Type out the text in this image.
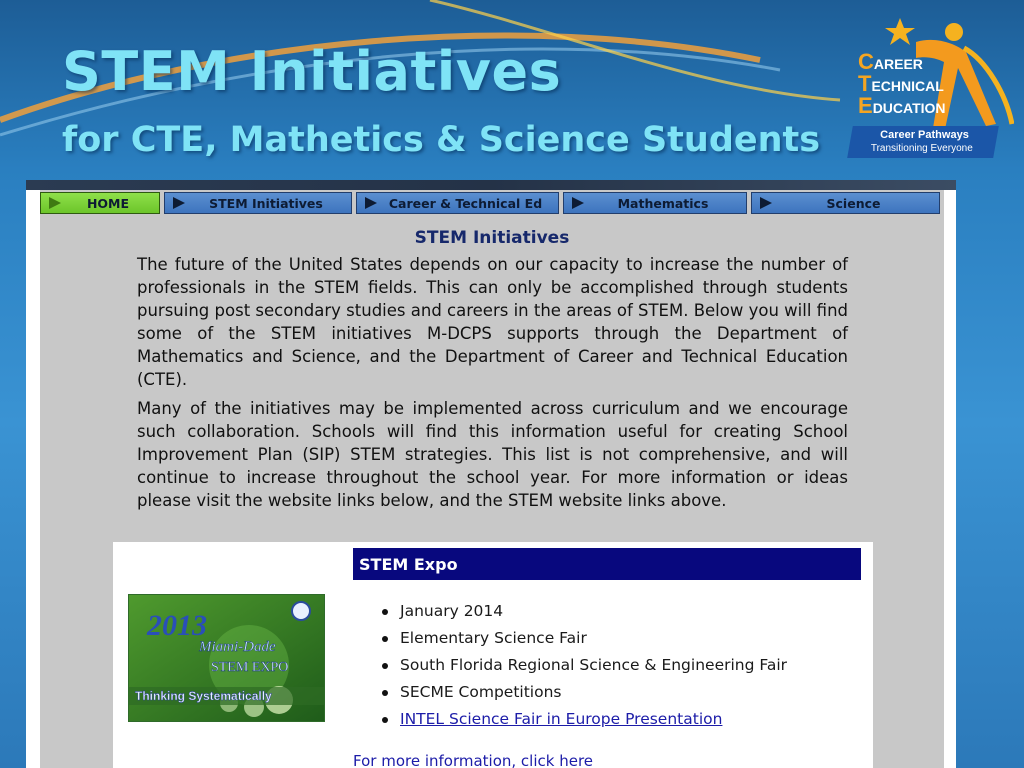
STEM Initiatives
for CTE, Mathetics & Science Students
CAREER
TECHNICAL
EDUCATION
Career Pathways
Transitioning Everyone
HOME	STEM Initiatives	Career & Technical Ed	Mathematics	Science
STEM Initiatives

The future of the United States depends on our capacity to increase the number of professionals in the STEM fields. This can only be accomplished through students pursuing post secondary studies and careers in the areas of STEM. Below you will find some of the STEM initiatives M-DCPS supports through the Department of Mathematics and Science, and the Department of Career and Technical Education (CTE).

Many of the initiatives may be implemented across curriculum and we encourage such collaboration. Schools will find this information useful for creating School Improvement Plan (SIP) STEM strategies. This list is not comprehensive, and will continue to increase throughout the school year. For more information or ideas please visit the website links below, and the STEM website links above.

STEM Expo
2013
Miami-Dade
STEM EXPO
Thinking Systematically
January 2014
Elementary Science Fair
South Florida Regional Science & Engineering Fair
SECME Competitions
INTEL Science Fair in Europe Presentation
For more information, click here
